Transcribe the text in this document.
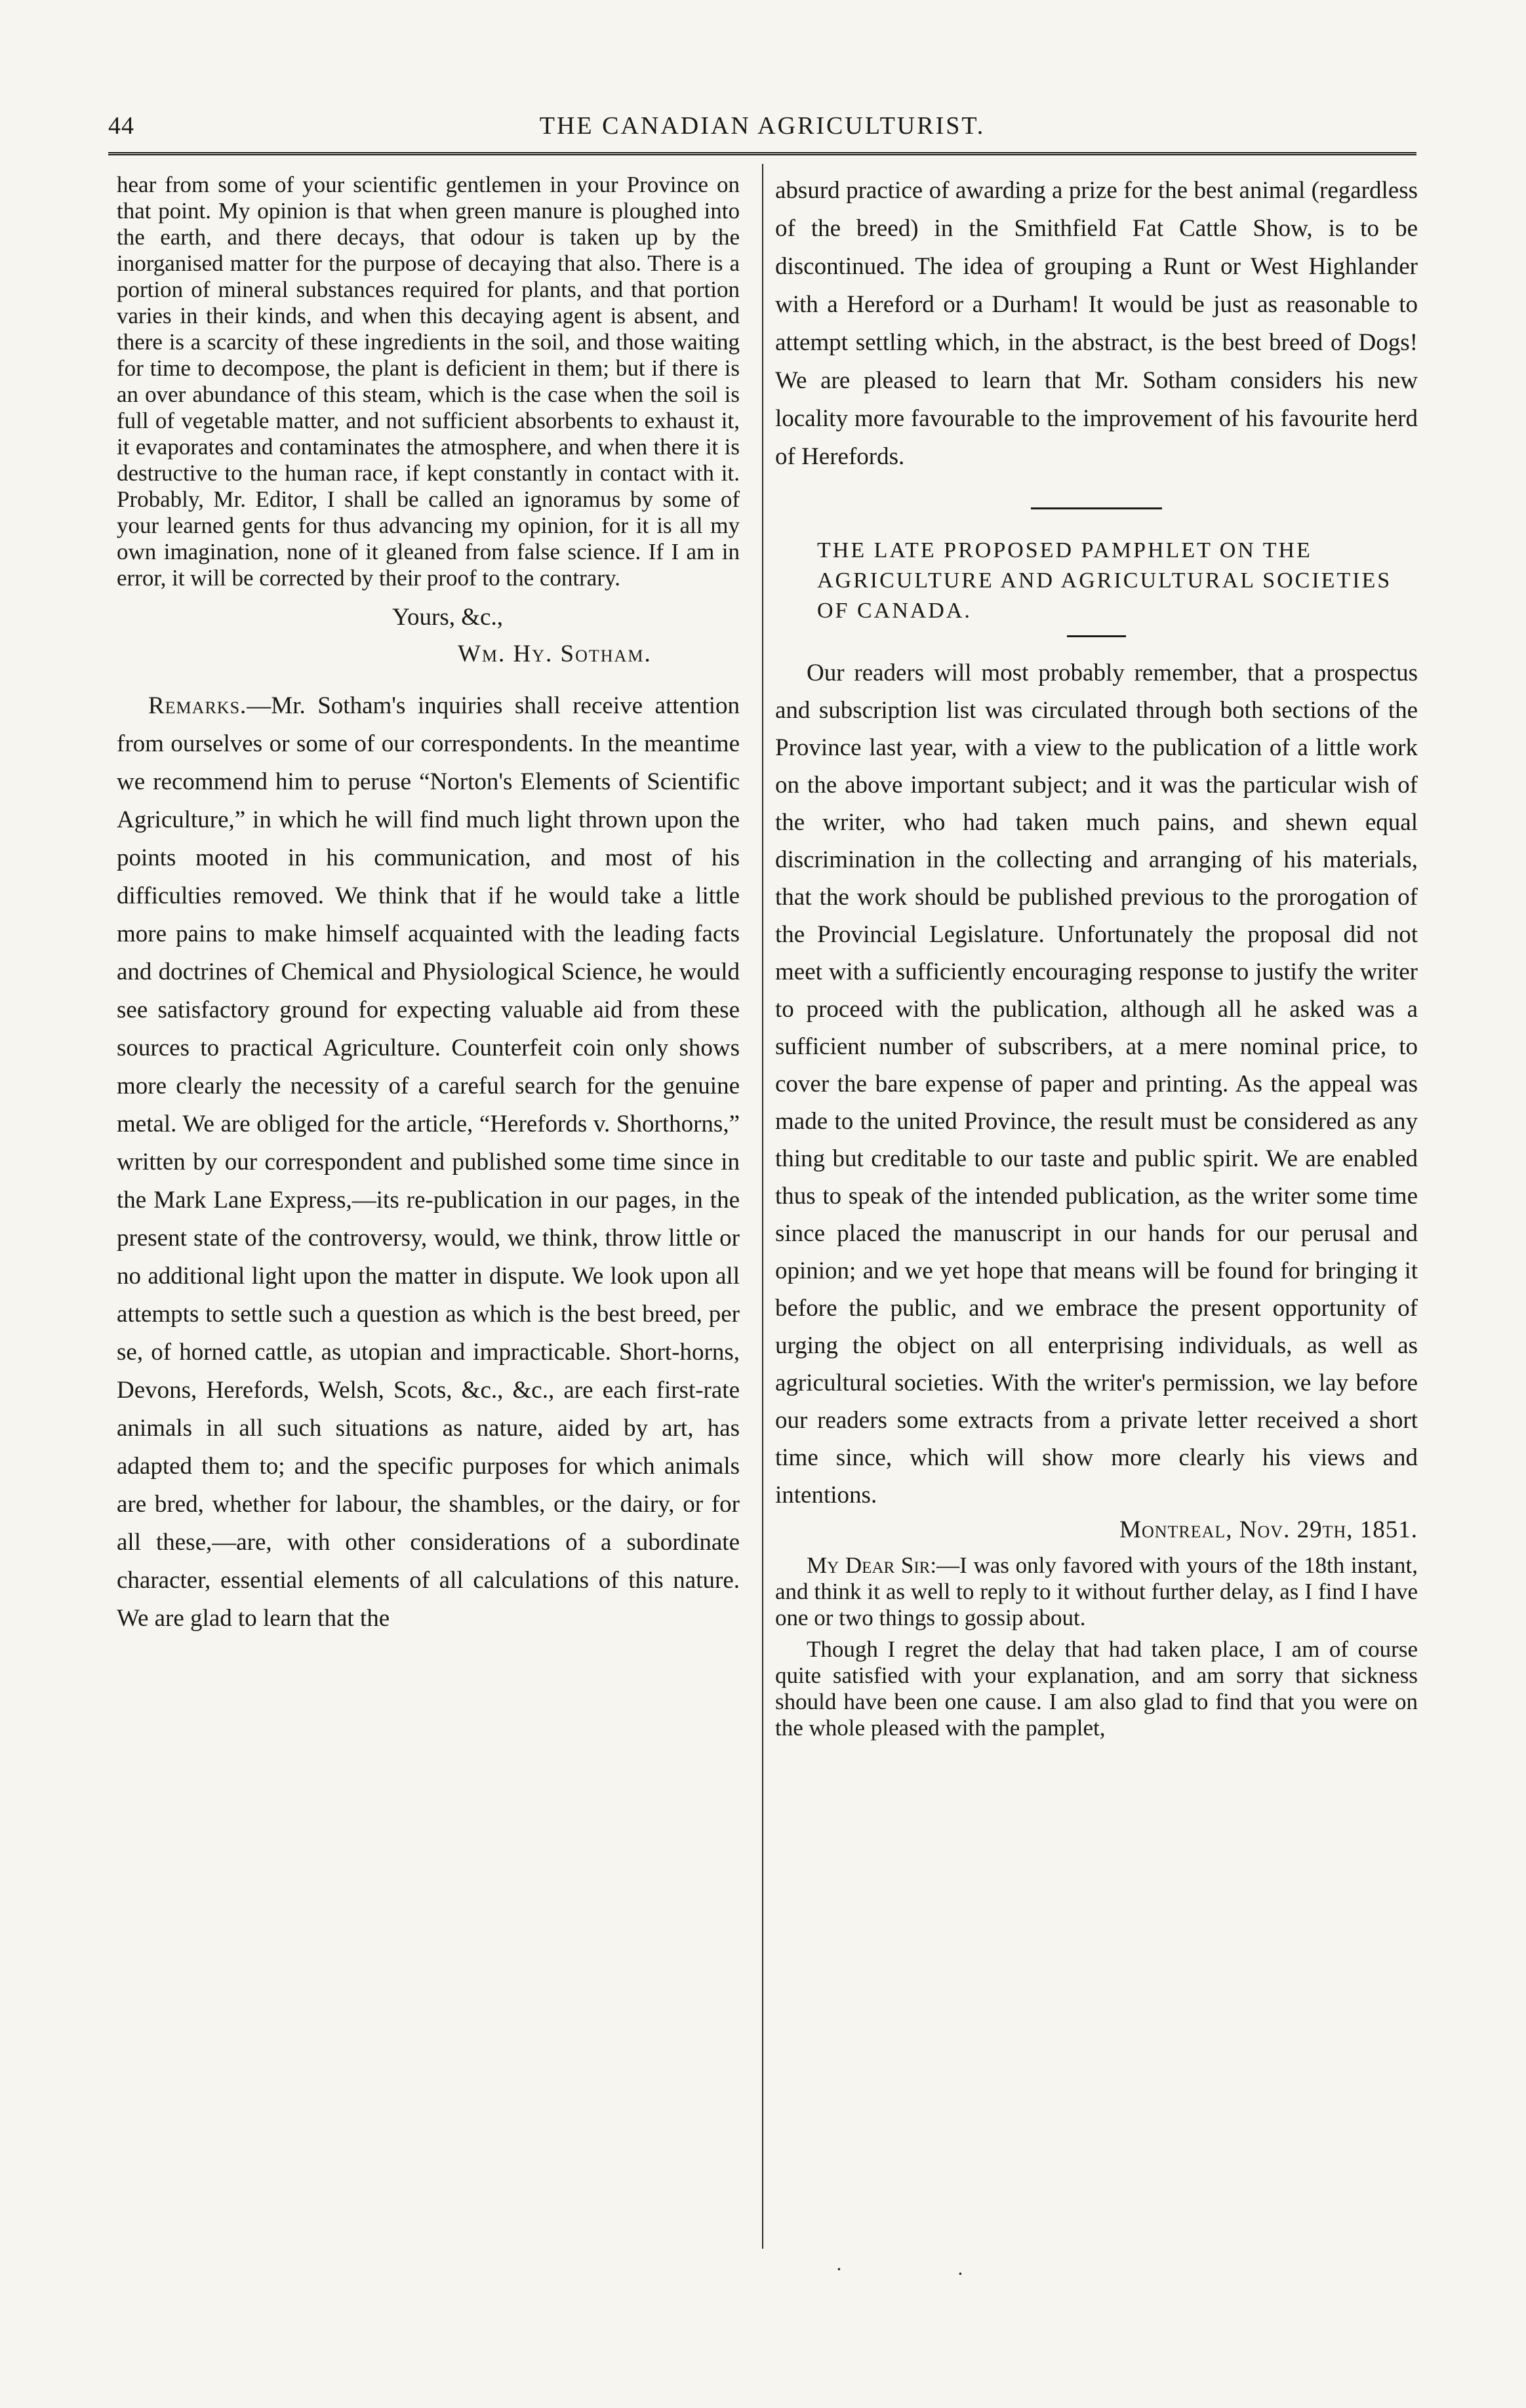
44	THE CANADIAN AGRICULTURIST.

hear from some of your scientific gentlemen in your Province on that point. My opinion is that when green manure is ploughed into the earth, and there decays, that odour is taken up by the inorganised matter for the purpose of decaying that also. There is a portion of mineral substances required for plants, and that portion varies in their kinds, and when this decaying agent is absent, and there is a scarcity of these ingredients in the soil, and those waiting for time to decompose, the plant is deficient in them; but if there is an over abundance of this steam, which is the case when the soil is full of vegetable matter, and not sufficient absorbents to exhaust it, it evaporates and contaminates the atmosphere, and when there it is destructive to the human race, if kept constantly in contact with it. Probably, Mr. Editor, I shall be called an ignoramus by some of your learned gents for thus advancing my opinion, for it is all my own imagination, none of it gleaned from false science. If I am in error, it will be corrected by their proof to the contrary.

Yours, &c.,
Wm. Hy. Sotham.

Remarks.—Mr. Sotham's inquiries shall receive attention from ourselves or some of our correspondents. In the meantime we recommend him to peruse “Norton's Elements of Scientific Agriculture,” in which he will find much light thrown upon the points mooted in his communication, and most of his difficulties removed. We think that if he would take a little more pains to make himself acquainted with the leading facts and doctrines of Chemical and Physiological Science, he would see satisfactory ground for expecting valuable aid from these sources to practical Agriculture. Counterfeit coin only shows more clearly the necessity of a careful search for the genuine metal. We are obliged for the article, “Herefords v. Shorthorns,” written by our correspondent and published some time since in the Mark Lane Express,—its re-publication in our pages, in the present state of the controversy, would, we think, throw little or no additional light upon the matter in dispute. We look upon all attempts to settle such a question as which is the best breed, per se, of horned cattle, as utopian and impracticable. Short-horns, Devons, Herefords, Welsh, Scots, &c., &c., are each first-rate animals in all such situations as nature, aided by art, has adapted them to; and the specific purposes for which animals are bred, whether for labour, the shambles, or the dairy, or for all these,—are, with other considerations of a subordinate character, essential elements of all calculations of this nature. We are glad to learn that the

absurd practice of awarding a prize for the best animal (regardless of the breed) in the Smithfield Fat Cattle Show, is to be discontinued. The idea of grouping a Runt or West Highlander with a Hereford or a Durham! It would be just as reasonable to attempt settling which, in the abstract, is the best breed of Dogs! We are pleased to learn that Mr. Sotham considers his new locality more favourable to the improvement of his favourite herd of Herefords.

THE LATE PROPOSED PAMPHLET ON THE AGRICULTURE AND AGRICULTURAL SOCIETIES OF CANADA.

Our readers will most probably remember, that a prospectus and subscription list was circulated through both sections of the Province last year, with a view to the publication of a little work on the above important subject; and it was the particular wish of the writer, who had taken much pains, and shewn equal discrimination in the collecting and arranging of his materials, that the work should be published previous to the prorogation of the Provincial Legislature. Unfortunately the proposal did not meet with a sufficiently encouraging response to justify the writer to proceed with the publication, although all he asked was a sufficient number of subscribers, at a mere nominal price, to cover the bare expense of paper and printing. As the appeal was made to the united Province, the result must be considered as any thing but creditable to our taste and public spirit. We are enabled thus to speak of the intended publication, as the writer some time since placed the manuscript in our hands for our perusal and opinion; and we yet hope that means will be found for bringing it before the public, and we embrace the present opportunity of urging the object on all enterprising individuals, as well as agricultural societies. With the writer's permission, we lay before our readers some extracts from a private letter received a short time since, which will show more clearly his views and intentions.

Montreal, Nov. 29th, 1851.

My Dear Sir:—I was only favored with yours of the 18th instant, and think it as well to reply to it without further delay, as I find I have one or two things to gossip about.

Though I regret the delay that had taken place, I am of course quite satisfied with your explanation, and am sorry that sickness should have been one cause. I am also glad to find that you were on the whole pleased with the pamplet,

·	·
